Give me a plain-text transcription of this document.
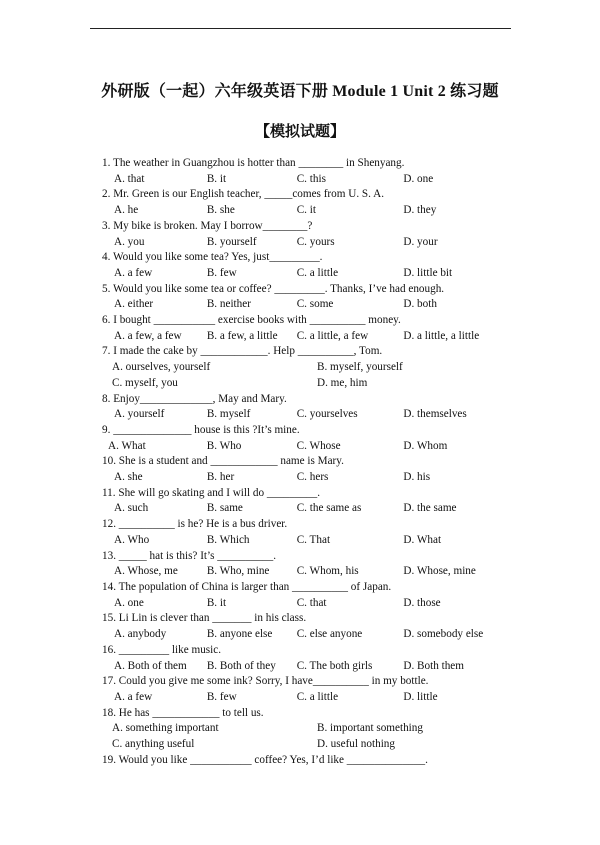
外研版（一起）六年级英语下册 Module 1 Unit 2 练习题
【模拟试题】
1. The weather in Guangzhou is hotter than ________ in Shenyang.
A. that	B. it	C. this	D. one
2. Mr. Green is our English teacher, _____comes from U. S. A.
A. he	B. she	C. it	D. they
3. My bike is broken. May I borrow________?
A. you	B. yourself	C. yours	D. your
4. Would you like some tea? Yes, just_________.
A. a few	B. few	C. a little	D. little bit
5. Would you like some tea or coffee? _________. Thanks, I’ve had enough.
A. either	B. neither	C. some	D. both
6. I bought ___________ exercise books with __________ money.
A. a few, a few	B. a few, a little	C. a little, a few	D. a little, a little
7. I made the cake by ____________. Help __________, Tom.
A. ourselves, yourself	B. myself, yourself
C. myself, you	D. me, him
8. Enjoy_____________, May and Mary.
A. yourself	B. myself	C. yourselves	D. themselves
9. ______________ house is this ?It’s mine.
A. What	B. Who	C. Whose	D. Whom
10. She is a student and ____________ name is Mary.
A. she	B. her	C. hers	D. his
11. She will go skating and I will do _________.
A. such	B. same	C. the same as	D. the same
12. __________ is he? He is a bus driver.
A. Who	B. Which	C. That	D. What
13. _____ hat is this? It’s __________.
A. Whose, me	B. Who, mine	C. Whom, his	D. Whose, mine
14. The population of China is larger than __________ of Japan.
A. one	B. it	C. that	D. those
15. Li Lin is clever than _______ in his class.
A. anybody	B. anyone else	C. else anyone	D. somebody else
16. _________ like music.
A. Both of them	B. Both of they	C. The both girls	D. Both them
17. Could you give me some ink? Sorry, I have__________ in my bottle.
A. a few	B. few	C. a little	D. little
18. He has ____________ to tell us.
A. something important	B. important something
C. anything useful	D. useful nothing
19. Would you like ___________ coffee? Yes, I’d like ______________.
